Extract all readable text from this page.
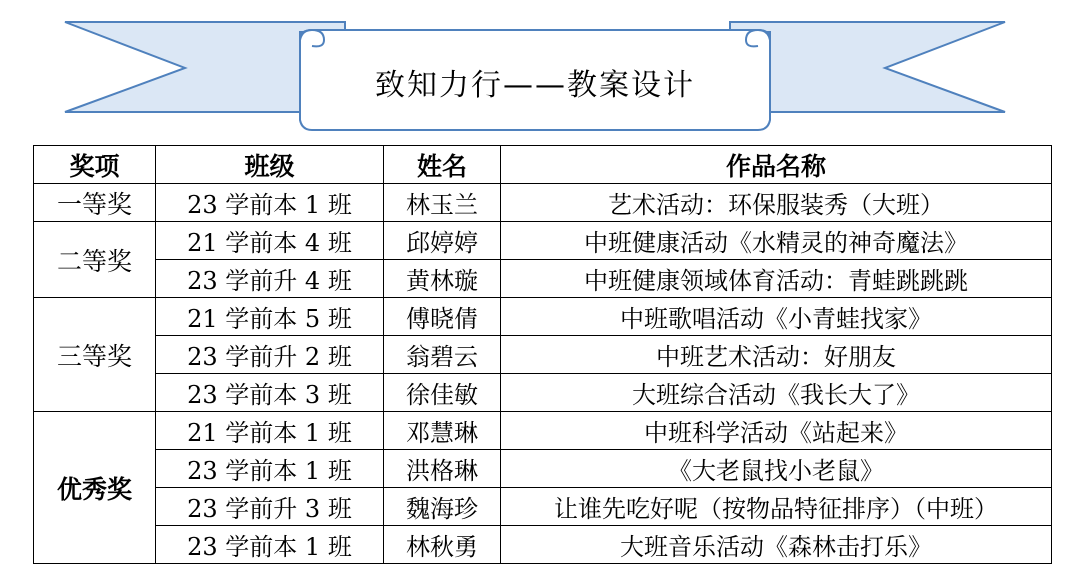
致知力行——教案设计
奖项	班级	姓名	作品名称
一等奖	23 学前本 1 班	林玉兰	艺术活动：环保服装秀（大班）
二等奖	21 学前本 4 班	邱婷婷	中班健康活动《水精灵的神奇魔法》
	23 学前升 4 班	黄林璇	中班健康领域体育活动：青蛙跳跳跳
三等奖	21 学前本 5 班	傅晓倩	中班歌唱活动《小青蛙找家》
	23 学前升 2 班	翁碧云	中班艺术活动：好朋友
	23 学前本 3 班	徐佳敏	大班综合活动《我长大了》
优秀奖	21 学前本 1 班	邓慧琳	中班科学活动《站起来》
	23 学前本 1 班	洪格琳	《大老鼠找小老鼠》
	23 学前升 3 班	魏海珍	让谁先吃好呢（按物品特征排序）（中班）
	23 学前本 1 班	林秋勇	大班音乐活动《森林击打乐》
